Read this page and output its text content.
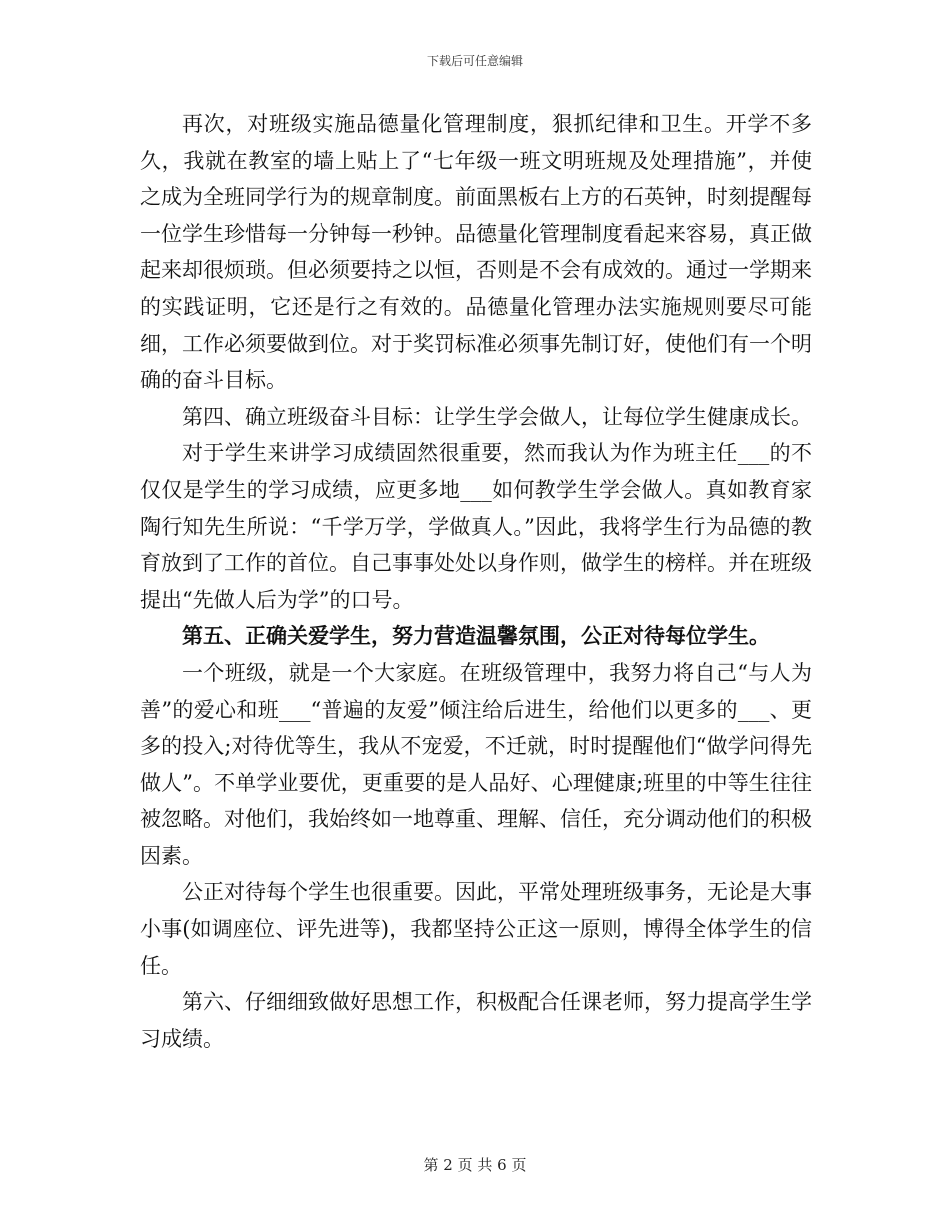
下载后可任意编辑

再次，对班级实施品德量化管理制度，狠抓纪律和卫生。开学不多久，我就在教室的墙上贴上了“七年级一班文明班规及处理措施”，并使之成为全班同学行为的规章制度。前面黑板右上方的石英钟，时刻提醒每一位学生珍惜每一分钟每一秒钟。品德量化管理制度看起来容易，真正做起来却很烦琐。但必须要持之以恒，否则是不会有成效的。通过一学期来的实践证明，它还是行之有效的。品德量化管理办法实施规则要尽可能细，工作必须要做到位。对于奖罚标准必须事先制订好，使他们有一个明确的奋斗目标。

第四、确立班级奋斗目标：让学生学会做人，让每位学生健康成长。

对于学生来讲学习成绩固然很重要，然而我认为作为班主任___的不仅仅是学生的学习成绩，应更多地___如何教学生学会做人。真如教育家陶行知先生所说：“千学万学，学做真人。”因此，我将学生行为品德的教育放到了工作的首位。自己事事处处以身作则，做学生的榜样。并在班级提出“先做人后为学”的口号。

第五、正确关爱学生，努力营造温馨氛围，公正对待每位学生。

一个班级，就是一个大家庭。在班级管理中，我努力将自己“与人为善”的爱心和班___“普遍的友爱”倾注给后进生，给他们以更多的___、更多的投入;对待优等生，我从不宠爱，不迁就，时时提醒他们“做学问得先做人”。不单学业要优，更重要的是人品好、心理健康;班里的中等生往往被忽略。对他们，我始终如一地尊重、理解、信任，充分调动他们的积极因素。

公正对待每个学生也很重要。因此，平常处理班级事务，无论是大事小事(如调座位、评先进等)，我都坚持公正这一原则，博得全体学生的信任。

第六、仔细细致做好思想工作，积极配合任课老师，努力提高学生学习成绩。

第 2 页 共 6 页
